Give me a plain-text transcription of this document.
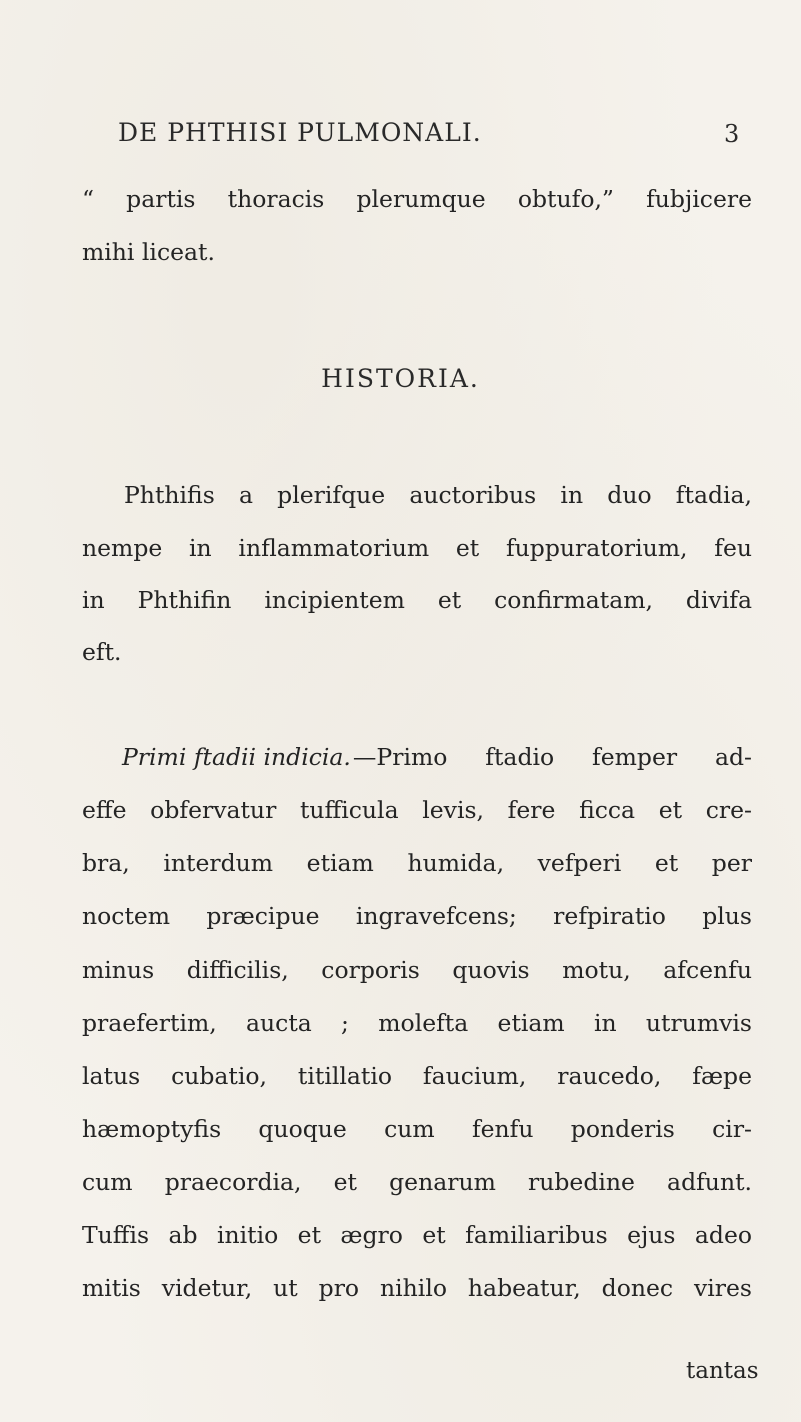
DE PHTHISI PULMONALI.	3
“ partis thoracis plerumque obtufo,” fubjicere
mihi liceat.
HISTORIA.
Phthifis a plerifque auctoribus in duo ftadia,
nempe in inflammatorium et fuppuratorium, feu
in Phthifin incipientem et confirmatam, divifa
eft.
Primi ftadii indicia. —Primo ftadio femper ad-
effe obfervatur tufficula levis, fere ficca et cre-
bra, interdum etiam humida, vefperi et per
noctem præcipue ingravefcens; refpiratio plus
minus difficilis, corporis quovis motu, afcenfu
praefertim, aucta ; molefta etiam in utrumvis
latus cubatio, titillatio faucium, raucedo, fæpe
hæmoptyfis quoque cum fenfu ponderis cir-
cum praecordia, et genarum rubedine adfunt.
Tuffis ab initio et ægro et familiaribus ejus adeo
mitis videtur, ut pro nihilo habeatur, donec vires
tantas
